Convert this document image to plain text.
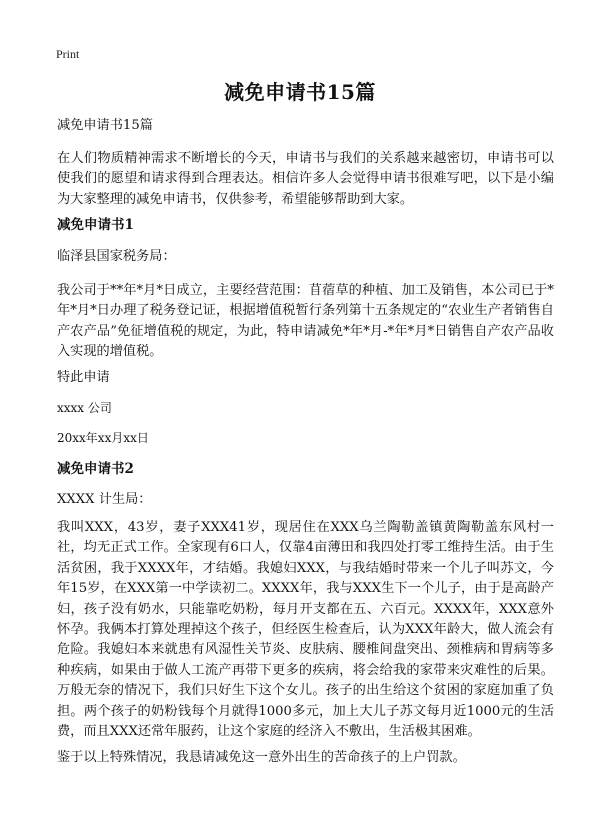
Print
减免申请书15篇
减免申请书15篇
在人们物质精神需求不断增长的今天，申请书与我们的关系越来越密切，申请书可以使我们的愿望和请求得到合理表达。相信许多人会觉得申请书很难写吧，以下是小编为大家整理的减免申请书，仅供参考，希望能够帮助到大家。
减免申请书1
临泽县国家税务局：
我公司于**年*月*日成立，主要经营范围：苜蓿草的种植、加工及销售，本公司已于*年*月*日办理了税务登记证，根据增值税暂行条列第十五条规定的“农业生产者销售自产农产品”免征增值税的规定，为此，特申请减免*年*月-*年*月*日销售自产农产品收入实现的增值税。
特此申请
xxxx 公司
20xx年xx月xx日
减免申请书2
XXXX 计生局：
我叫XXX，43岁，妻子XXX41岁，现居住在XXX乌兰陶勒盖镇黄陶勒盖东风村一社，均无正式工作。全家现有6口人，仅靠4亩薄田和我四处打零工维持生活。由于生活贫困，我于XXXX年，才结婚。我媳妇XXX，与我结婚时带来一个儿子叫苏文，今年15岁，在XXX第一中学读初二。XXXX年，我与XXX生下一个儿子，由于是高龄产妇，孩子没有奶水，只能靠吃奶粉，每月开支都在五、六百元。XXXX年，XXX意外怀孕。我俩本打算处理掉这个孩子，但经医生检查后，认为XXX年龄大，做人流会有危险。我媳妇本来就患有风湿性关节炎、皮肤病、腰椎间盘突出、颈椎病和胃病等多种疾病，如果由于做人工流产再带下更多的疾病，将会给我的家带来灾难性的后果。万般无奈的情况下，我们只好生下这个女儿。孩子的出生给这个贫困的家庭加重了负担。两个孩子的奶粉钱每个月就得1000多元，加上大儿子苏文每月近1000元的生活费，而且XXX还常年服药，让这个家庭的经济入不敷出，生活极其困难。
鉴于以上特殊情况，我恳请减免这一意外出生的苦命孩子的上户罚款。
